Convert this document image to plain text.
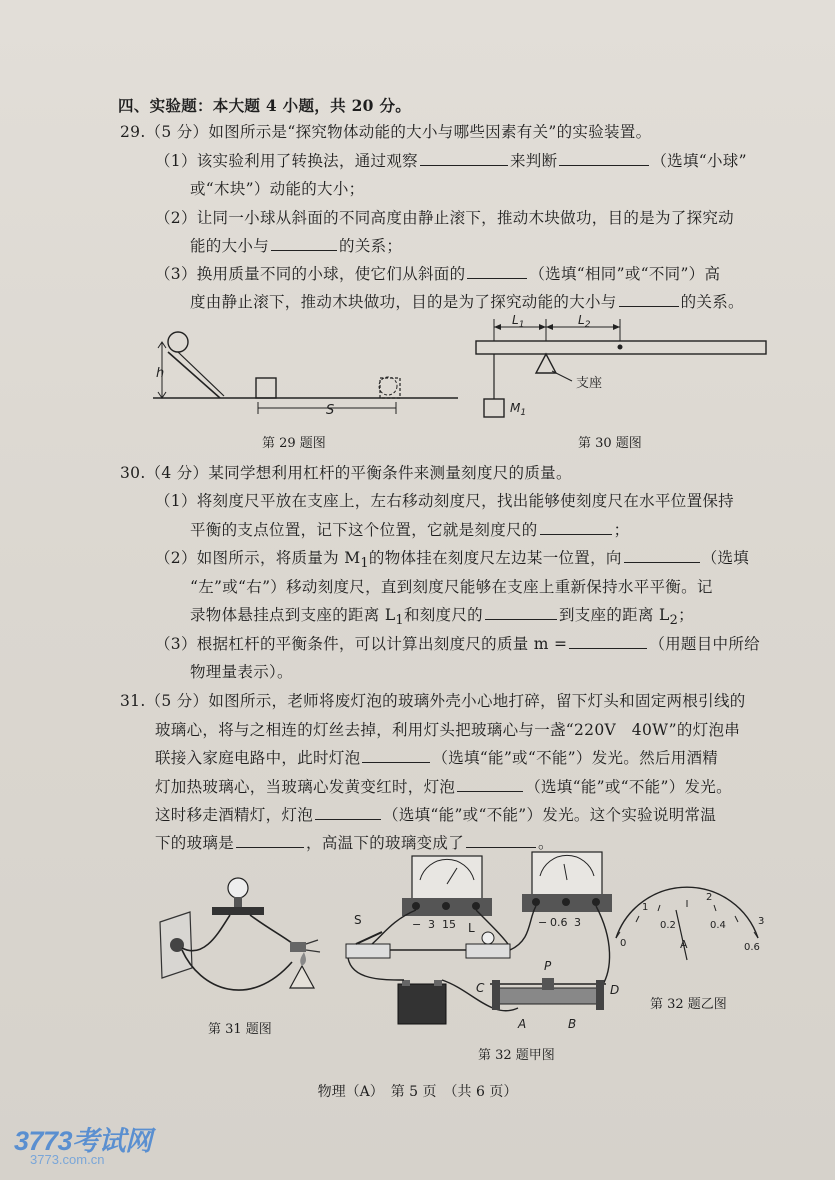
四、实验题：本大题 4 小题，共 20 分。
29.（5 分）如图所示是“探究物体动能的大小与哪些因素有关”的实验装置。
（1）该实验利用了转换法，通过观察	来判断	（选填“小球”
或“木块”）动能的大小；
（2）让同一小球从斜面的不同高度由静止滚下，推动木块做功，目的是为了探究动
能的大小与	的关系；
（3）换用质量不同的小球，使它们从斜面的	（选填“相同”或“不同”）高
度由静止滚下，推动木块做功，目的是为了探究动能的大小与	的关系。
h
S
第 29 题图
$L_1$	$L_2$
支座
$M_1$
第 30 题图
30.（4 分）某同学想利用杠杆的平衡条件来测量刻度尺的质量。
（1）将刻度尺平放在支座上，左右移动刻度尺，找出能够使刻度尺在水平位置保持
平衡的支点位置，记下这个位置，它就是刻度尺的	；
（2）如图所示，将质量为 $M_1$的物体挂在刻度尺左边某一位置，向	（选填
“左”或“右”）移动刻度尺，直到刻度尺能够在支座上重新保持水平平衡。记
录物体悬挂点到支座的距离 $L_1$和刻度尺的	到支座的距离 $L_2$；
（3）根据杠杆的平衡条件，可以计算出刻度尺的质量 m =	（用题目中所给
物理量表示）。
31.（5 分）如图所示，老师将废灯泡的玻璃外壳小心地打碎，留下灯头和固定两根引线的
玻璃心，将与之相连的灯丝去掉，利用灯头把玻璃心与一盏“220V　40W”的灯泡串
联接入家庭电路中，此时灯泡	（选填“能”或“不能”）发光。然后用酒精
灯加热玻璃心，当玻璃心发黄变红时，灯泡	（选填“能”或“不能”）发光。
这时移走酒精灯，灯泡	（选填“能”或“不能”）发光。这个实验说明常温
下的玻璃是	，高温下的玻璃变成了	。
第 31 题图
− 3 15	− 0.6 3
S
L
P
C	D
A	B
第 32 题甲图
0
0.2	0.4
0.6
1
2
3
A
第 32 题乙图
物理（A）　第 5 页　（共 6 页）
3773考试网
3773.com.cn
